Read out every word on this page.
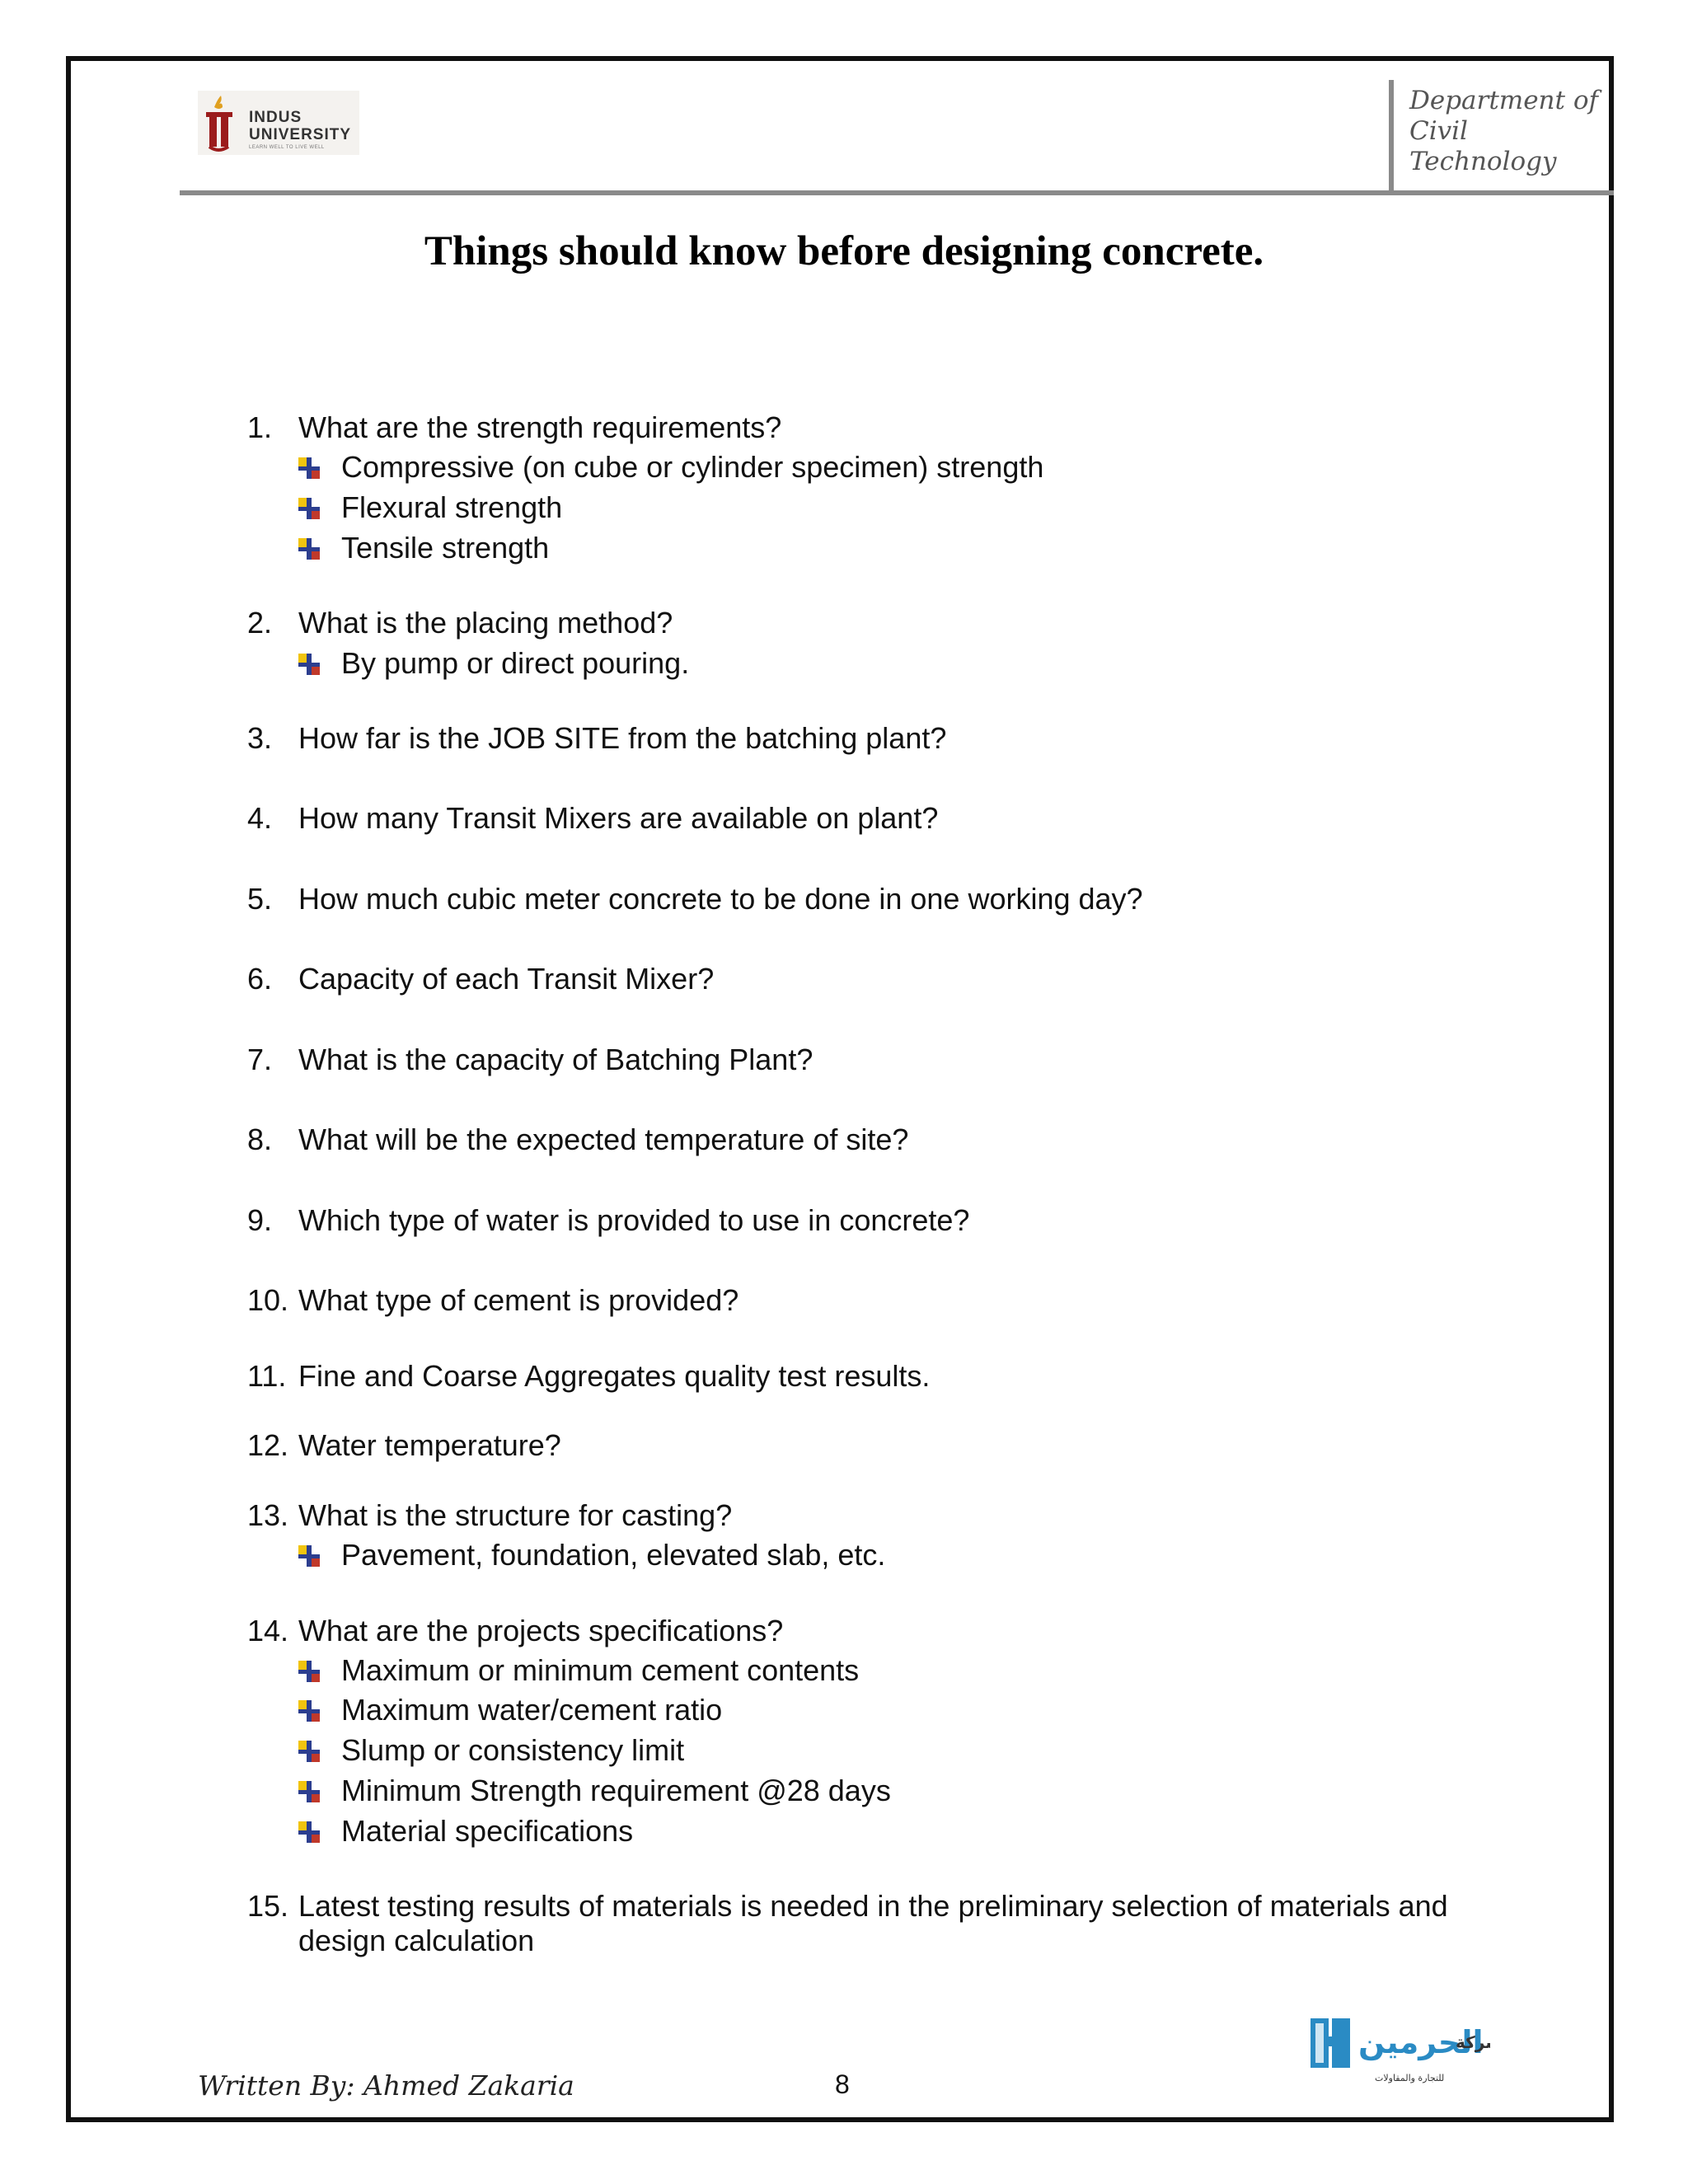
INDUS
UNIVERSITY
LEARN WELL TO LIVE WELL
Department of
Civil
Technology
Things should know before designing concrete.
1. What are the strength requirements?
Compressive (on cube or cylinder specimen) strength
Flexural strength
Tensile strength
2. What is the placing method?
By pump or direct pouring.
3. How far is the JOB SITE from the batching plant?
4. How many Transit Mixers are available on plant?
5. How much cubic meter concrete to be done in one working day?
6. Capacity of each Transit Mixer?
7. What is the capacity of Batching Plant?
8. What will be the expected temperature of site?
9. Which type of water is provided to use in concrete?
10. What type of cement is provided?
11. Fine and Coarse Aggregates quality test results.
12. Water temperature?
13. What is the structure for casting?
Pavement, foundation, elevated slab, etc.
14. What are the projects specifications?
Maximum or minimum cement contents
Maximum water/cement ratio
Slump or consistency limit
Minimum Strength requirement @28 days
Material specifications
15. Latest testing results of materials is needed in the preliminary selection of materials and design calculation
الحرمين
ركة
للتجارة والمقاولات
Written By: Ahmed Zakaria	8
